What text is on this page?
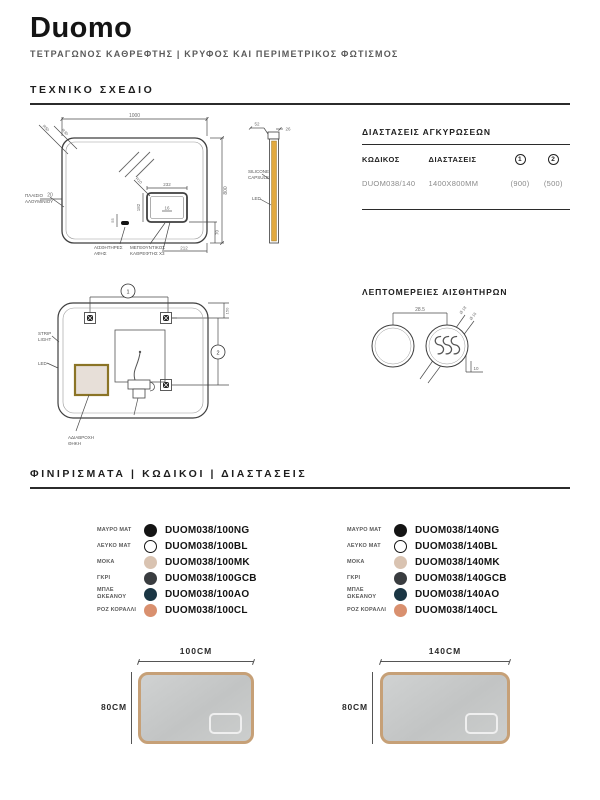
Duomo
ΤΕΤΡΑΓΩΝΟΣ ΚΑΘΡΕΦΤΗΣ | ΚΡΥΦΟΣ ΚΑΙ ΠΕΡΙΜΕΤΡΙΚΟΣ ΦΩΤΙΣΜΟΣ
ΤΕΧΝΙΚΟ ΣΧΕΔΙΟ
1000
800
20
R50	R30
232
182	16
R10
212
70
55
ΠΛΑΙΣΙΟ
ΑΛΟΥΜΙΝΙΟΥ
ΑΙΣΘΗΤΗΡΕΣ
ΑΦΗΣ
ΜΕΓΕΘΥΝΤΙΚΟΣ
ΚΑΘΡΕΦΤΗΣ X3
52
26
SILICONE
CAPSULE
LED
ΔΙΑΣΤΑΣΕΙΣ ΑΓΚΥΡΩΣΕΩΝ
ΚΩΔΙΚΟΣ	ΔΙΑΣΤΑΣΕΙΣ	1	2
DUOM038/140	1400X800MM	(900)	(500)
1
2
150
STRIP
LIGHT
LED
ΑΔΙΑΒΡΟΧΗ
ΘΗΚΗ
ΛΕΠΤΟΜΕΡΕΙΕΣ ΑΙΣΘΗΤΗΡΩΝ
28.5	Ø 18
Ø 16
10
ΦΙΝΙΡΙΣΜΑΤΑ | ΚΩΔΙΚΟΙ | ΔΙΑΣΤΑΣΕΙΣ
ΜΑΥΡΟ ΜΑΤ	DUOM038/100NG
ΛΕΥΚΟ ΜΑΤ	DUOM038/100BL
ΜΟΚΑ	DUOM038/100MK
ΓΚΡΙ	DUOM038/100GCB
ΜΠΛΕ ΩΚΕΑΝΟΥ	DUOM038/100AO
ΡΟΖ ΚΟΡΑΛΛΙ	DUOM038/100CL
ΜΑΥΡΟ ΜΑΤ	DUOM038/140NG
ΛΕΥΚΟ ΜΑΤ	DUOM038/140BL
ΜΟΚΑ	DUOM038/140MK
ΓΚΡΙ	DUOM038/140GCB
ΜΠΛΕ ΩΚΕΑΝΟΥ	DUOM038/140AO
ΡΟΖ ΚΟΡΑΛΛΙ	DUOM038/140CL
100CM
80CM
140CM
80CM
